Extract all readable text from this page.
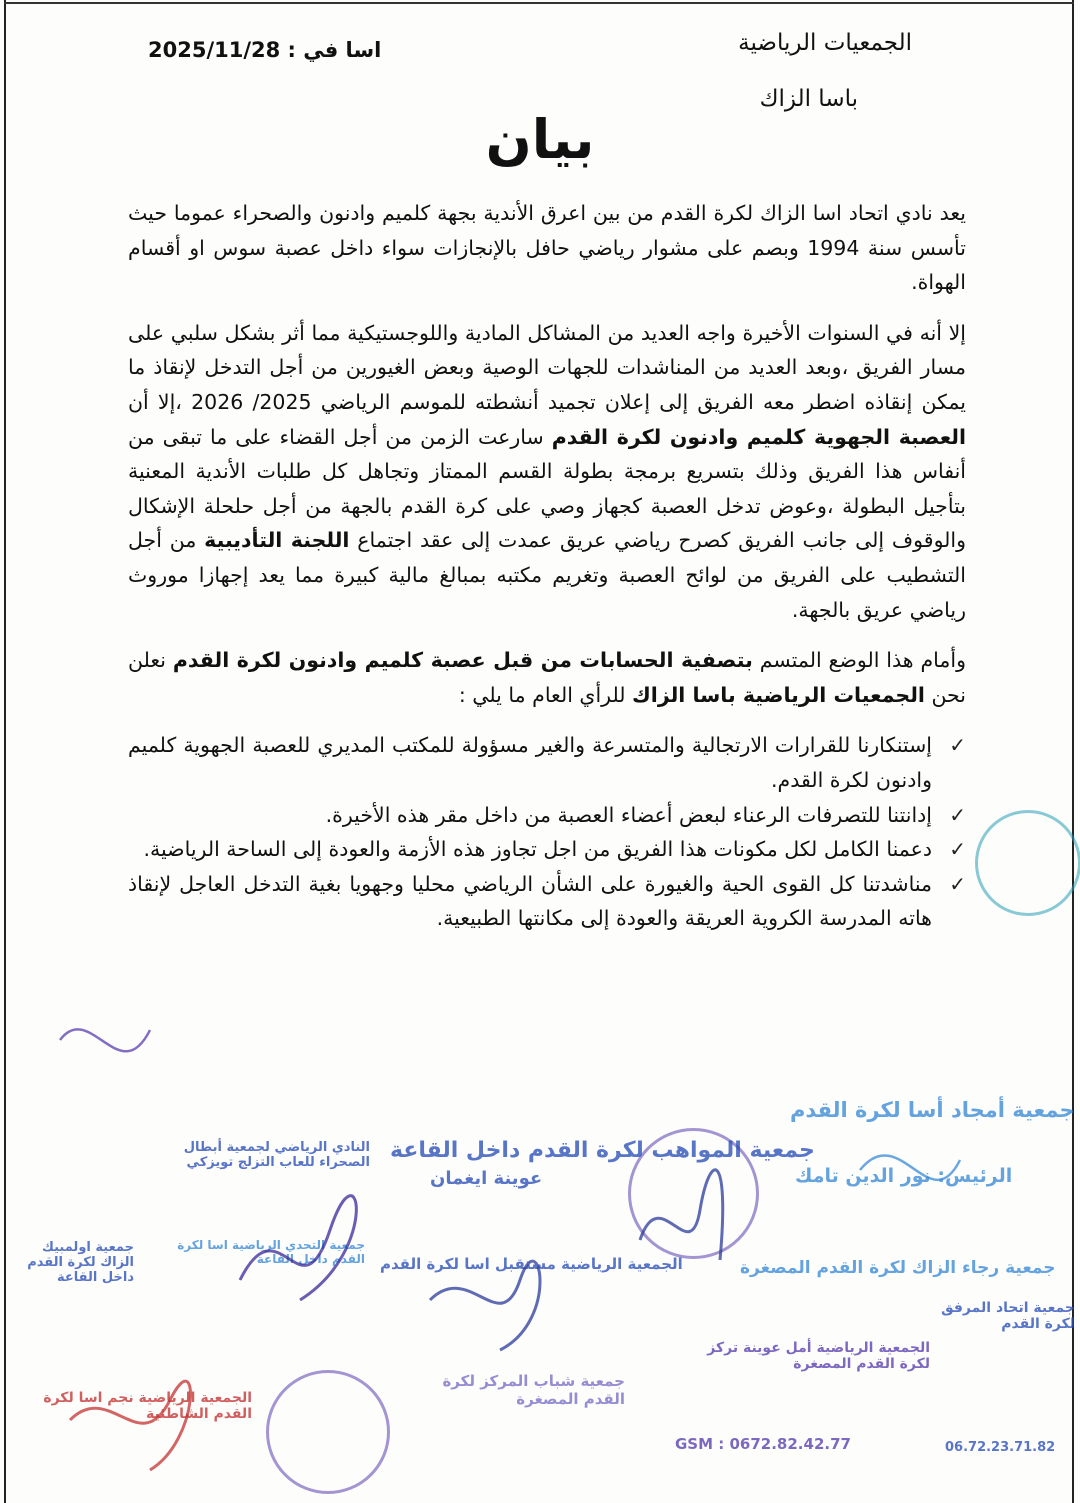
اسا في : 2025/11/28	الجمعيات الرياضية
باسا الزاك
بيان

يعد نادي اتحاد اسا الزاك لكرة القدم من بين اعرق الأندية بجهة كلميم وادنون والصحراء عموما حيث تأسس سنة 1994 وبصم على مشوار رياضي حافل بالإنجازات سواء داخل عصبة سوس او أقسام الهواة.

إلا أنه في السنوات الأخيرة واجه العديد من المشاكل المادية واللوجستيكية مما أثر بشكل سلبي على مسار الفريق ،وبعد العديد من المناشدات للجهات الوصية وبعض الغيورين من أجل التدخل لإنقاذ ما يمكن إنقاذه اضطر معه الفريق إلى إعلان تجميد أنشطته للموسم الرياضي 2025/ 2026 ،إلا أن العصبة الجهوية كلميم وادنون لكرة القدم سارعت الزمن من أجل القضاء على ما تبقى من أنفاس هذا الفريق وذلك بتسريع برمجة بطولة القسم الممتاز وتجاهل كل طلبات الأندية المعنية بتأجيل البطولة ،وعوض تدخل العصبة كجهاز وصي على كرة القدم بالجهة من أجل حلحلة الإشكال والوقوف إلى جانب الفريق كصرح رياضي عريق عمدت إلى عقد اجتماع اللجنة التأديبية من أجل التشطيب على الفريق من لوائح العصبة وتغريم مكتبه بمبالغ مالية كبيرة مما يعد إجهازا موروث رياضي عريق بالجهة.

وأمام هذا الوضع المتسم بتصفية الحسابات من قبل عصبة كلميم وادنون لكرة القدم نعلن نحن الجمعيات الرياضية باسا الزاك للرأي العام ما يلي :

✓
إستنكارنا للقرارات الارتجالية والمتسرعة والغير مسؤولة للمكتب المديري للعصبة الجهوية كلميم وادنون لكرة القدم.
✓
إدانتنا للتصرفات الرعناء لبعض أعضاء العصبة من داخل مقر هذه الأخيرة.
✓
دعمنا الكامل لكل مكونات هذا الفريق من اجل تجاوز هذه الأزمة والعودة إلى الساحة الرياضية.
✓
مناشدتنا كل القوى الحية والغيورة على الشأن الرياضي محليا وجهويا بغية التدخل العاجل لإنقاذ هاته المدرسة الكروية العريقة والعودة إلى مكانتها الطبيعية.
جمعية المواهب لكرة القدم داخل القاعة
عوينة ايغمان
النادي الرياضي لجمعية أبطال الصحراء للعاب التزلج تويزكي
جمعية أمجاد أسا لكرة القدم
الرئيس: نور الدين تامك
الجمعية الرياضية مستقبل اسا لكرة القدم	جمعية رجاء الزاك لكرة القدم المصغرة
جمعية التحدي الرياضية اسا لكرة القدم داخل القاعة
جمعية اولمبيك الزاك لكرة القدم داخل القاعة
الجمعية الرياضية أمل عوينة تركز لكرة القدم المصغرة
GSM : 0672.82.42.77
جمعية شباب المركز لكرة القدم المصغرة
الجمعية الرياضية نجم اسا لكرة القدم الشاطئية
جمعية اتحاد المرفق لكرة القدم
06.72.23.71.82
